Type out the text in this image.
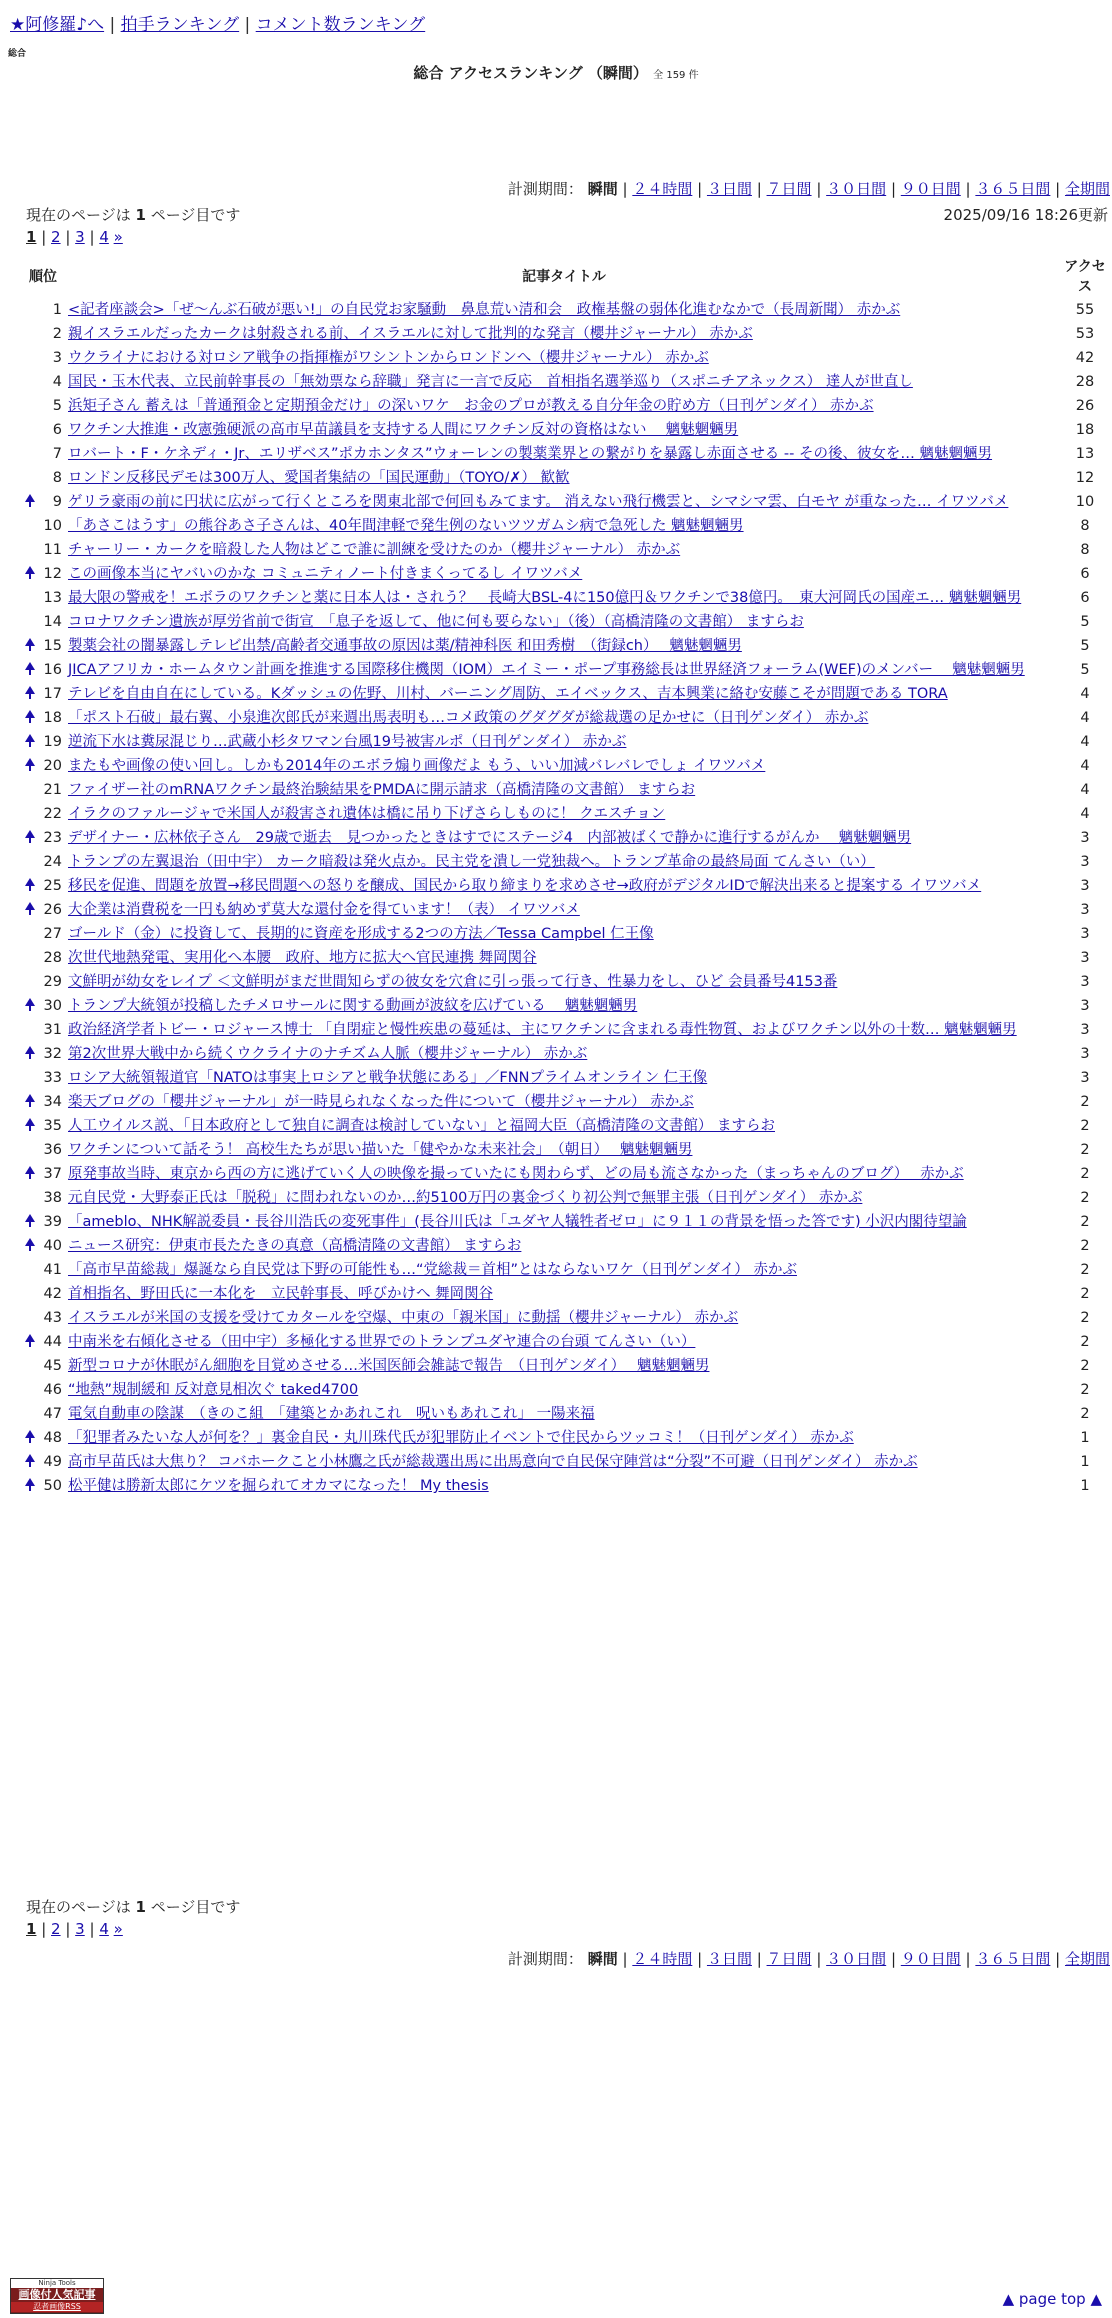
★阿修羅♪へ | 拍手ランキング | コメント数ランキング
総合
総合 アクセスランキング （瞬間） 全 159 件
計測期間： 瞬間 | ２４時間 | ３日間 | ７日間 | ３０日間 | ９０日間 | ３６５日間 | 全期間
現在のページは 1 ページ目です	2025/09/16 18:26更新
1 | 2 | 3 | 4 »
順位		記事タイトル	アクセス
	1	<記者座談会>「ぜ〜んぶ石破が悪い!」の自民党お家騒動　鼻息荒い清和会　政権基盤の弱体化進むなかで（長周新聞） 赤かぶ	55
	2	親イスラエルだったカークは射殺される前、イスラエルに対して批判的な発言（櫻井ジャーナル） 赤かぶ	53
	3	ウクライナにおける対ロシア戦争の指揮権がワシントンからロンドンへ（櫻井ジャーナル） 赤かぶ	42
	4	国民・玉木代表、立民前幹事長の「無効票なら辞職」発言に一言で反応　首相指名選挙巡り（スポニチアネックス） 達人が世直し	28
	5	浜矩子さん 蓄えは「普通預金と定期預金だけ」の深いワケ　お金のプロが教える自分年金の貯め方（日刊ゲンダイ） 赤かぶ	26
	6	ワクチン大推進・改憲強硬派の高市早苗議員を支持する人間にワクチン反対の資格はない　 魑魅魍魎男	18
	7	ロバート・F・ケネディ・Jr、エリザベス”ポカホンタス”ウォーレンの製薬業界との繋がりを暴露し赤面させる -- その後、彼女を… 魑魅魍魎男	13
	8	ロンドン反移民デモは300万人、愛国者集結の「国民運動」（TOYO/✗） 歓歓	12
	9	ゲリラ豪雨の前に円状に広がって行くところを関東北部で何回もみてます。 消えない飛行機雲と、シマシマ雲、白モヤ が重なった… イワツバメ	10
	10	「あさこはうす」の熊谷あさ子さんは、40年間津軽で発生例のないツツガムシ病で急死した 魑魅魍魎男	8
	11	チャーリー・カークを暗殺した人物はどこで誰に訓練を受けたのか（櫻井ジャーナル） 赤かぶ	8
	12	この画像本当にヤバいのかな コミュニティノート付きまくってるし イワツバメ	6
	13	最大限の警戒を！エボラのワクチンと薬に日本人は・されう？　長崎大BSL-4に150億円＆ワクチンで38億円。　東大河岡氏の国産エ… 魑魅魍魎男	6
	14	コロナワクチン遺族が厚労省前で街宣　「息子を返して、他に何も要らない」（後）（高橋清隆の文書館） ますらお	5
	15	製薬会社の闇暴露しテレビ出禁/高齢者交通事故の原因は薬/精神科医 和田秀樹　（街録ch）　 魑魅魍魎男	5
	16	JICAアフリカ・ホームタウン計画を推進する国際移住機関（IOM）エイミー・ポープ事務総長は世界経済フォーラム(WEF)のメンバー　 魑魅魍魎男	5
	17	テレビを自由自在にしている。Kダッシュの佐野、川村、バーニング周防、エイベックス、吉本興業に絡む安藤こそが問題である TORA	4
	18	「ポスト石破」最右翼、小泉進次郎氏が来週出馬表明も…コメ政策のグダグダが総裁選の足かせに（日刊ゲンダイ） 赤かぶ	4
	19	逆流下水は糞尿混じり…武蔵小杉タワマン台風19号被害ルポ（日刊ゲンダイ） 赤かぶ	4
	20	またもや画像の使い回し。しかも2014年のエボラ煽り画像だよ もう、いい加減バレバレでしょ イワツバメ	4
	21	ファイザー社のmRNAワクチン最終治験結果をPMDAに開示請求（高橋清隆の文書館） ますらお	4
	22	イラクのファルージャで米国人が殺害され遺体は橋に吊り下げさらしものに！ クエスチョン	4
	23	デザイナー・広林依子さん　29歳で逝去　見つかったときはすでにステージ4　内部被ばくで静かに進行するがんか　 魑魅魍魎男	3
	24	トランプの左翼退治（田中宇） カーク暗殺は発火点か。民主党を潰し一党独裁へ。トランプ革命の最終局面 てんさい（い）	3
	25	移民を促進、問題を放置→移民問題への怒りを醸成、国民から取り締まりを求めさせ→政府がデジタルIDで解決出来ると提案する イワツバメ	3
	26	大企業は消費税を一円も納めず莫大な還付金を得ています！（表） イワツバメ	3
	27	ゴールド（金）に投資して、長期的に資産を形成する2つの方法／Tessa Campbel 仁王像	3
	28	次世代地熱発電、実用化へ本腰　政府、地方に拡大へ官民連携 舞岡関谷	3
	29	文鮮明が幼女をレイプ ＜文鮮明がまだ世間知らずの彼女を穴倉に引っ張って行き、性暴力をし、ひど 会員番号4153番	3
	30	トランプ大統領が投稿したチメロサールに関する動画が波紋を広げている　 魑魅魍魎男	3
	31	政治経済学者トビー・ロジャース博士 「自閉症と慢性疾患の蔓延は、主にワクチンに含まれる毒性物質、およびワクチン以外の十数… 魑魅魍魎男	3
	32	第2次世界大戦中から続くウクライナのナチズム人脈（櫻井ジャーナル） 赤かぶ	3
	33	ロシア大統領報道官「NATOは事実上ロシアと戦争状態にある」／FNNプライムオンライン 仁王像	3
	34	楽天ブログの「櫻井ジャーナル」が一時見られなくなった件について（櫻井ジャーナル） 赤かぶ	2
	35	人工ウイルス説、「日本政府として独自に調査は検討していない」と福岡大臣（高橋清隆の文書館） ますらお	2
	36	ワクチンについて話そう！ 高校生たちが思い描いた「健やかな未来社会」　（朝日）　 魑魅魍魎男	2
	37	原発事故当時、東京から西の方に逃げていく人の映像を撮っていたにも関わらず、どの局も流さなかった（まっちゃんのブログ）　 赤かぶ	2
	38	元自民党・大野泰正氏は「脱税」に問われないのか…約5100万円の裏金づくり初公判で無罪主張（日刊ゲンダイ） 赤かぶ	2
	39	「ameblo、NHK解説委員・長谷川浩氏の変死事件」(長谷川氏は「ユダヤ人犠牲者ゼロ」に９１１の背景を悟った答です) 小沢内閣待望論	2
	40	ニュース研究：伊東市長たたきの真意（高橋清隆の文書館） ますらお	2
	41	「高市早苗総裁」爆誕なら自民党は下野の可能性も…“党総裁＝首相”とはならないワケ（日刊ゲンダイ） 赤かぶ	2
	42	首相指名、野田氏に一本化を　立民幹事長、呼びかけへ 舞岡関谷	2
	43	イスラエルが米国の支援を受けてカタールを空爆、中東の「親米国」に動揺（櫻井ジャーナル） 赤かぶ	2
	44	中南米を右傾化させる（田中宇）多極化する世界でのトランプユダヤ連合の台頭 てんさい（い）	2
	45	新型コロナが休眠がん細胞を目覚めさせる…米国医師会雑誌で報告　（日刊ゲンダイ）　 魑魅魍魎男	2
	46	“地熱”規制緩和 反対意見相次ぐ taked4700	2
	47	電気自動車の陰謀　（きのこ組　「建築とかあれこれ　呪いもあれこれ」 一陽来福	2
	48	「犯罪者みたいな人が何を？」裏金自民・丸川珠代氏が犯罪防止イベントで住民からツッコミ！（日刊ゲンダイ） 赤かぶ	1
	49	高市早苗氏は大焦り？ コバホークこと小林鷹之氏が総裁選出馬に出馬意向で自民保守陣営は“分裂”不可避（日刊ゲンダイ） 赤かぶ	1
	50	松平健は勝新太郎にケツを掘られてオカマになった！ My thesis	1
現在のページは 1 ページ目です
1 | 2 | 3 | 4 »
計測期間： 瞬間 | ２４時間 | ３日間 | ７日間 | ３０日間 | ９０日間 | ３６５日間 | 全期間
Ninja Tools
画像付人気記事
忍者画像RSS	▲ page top ▲
